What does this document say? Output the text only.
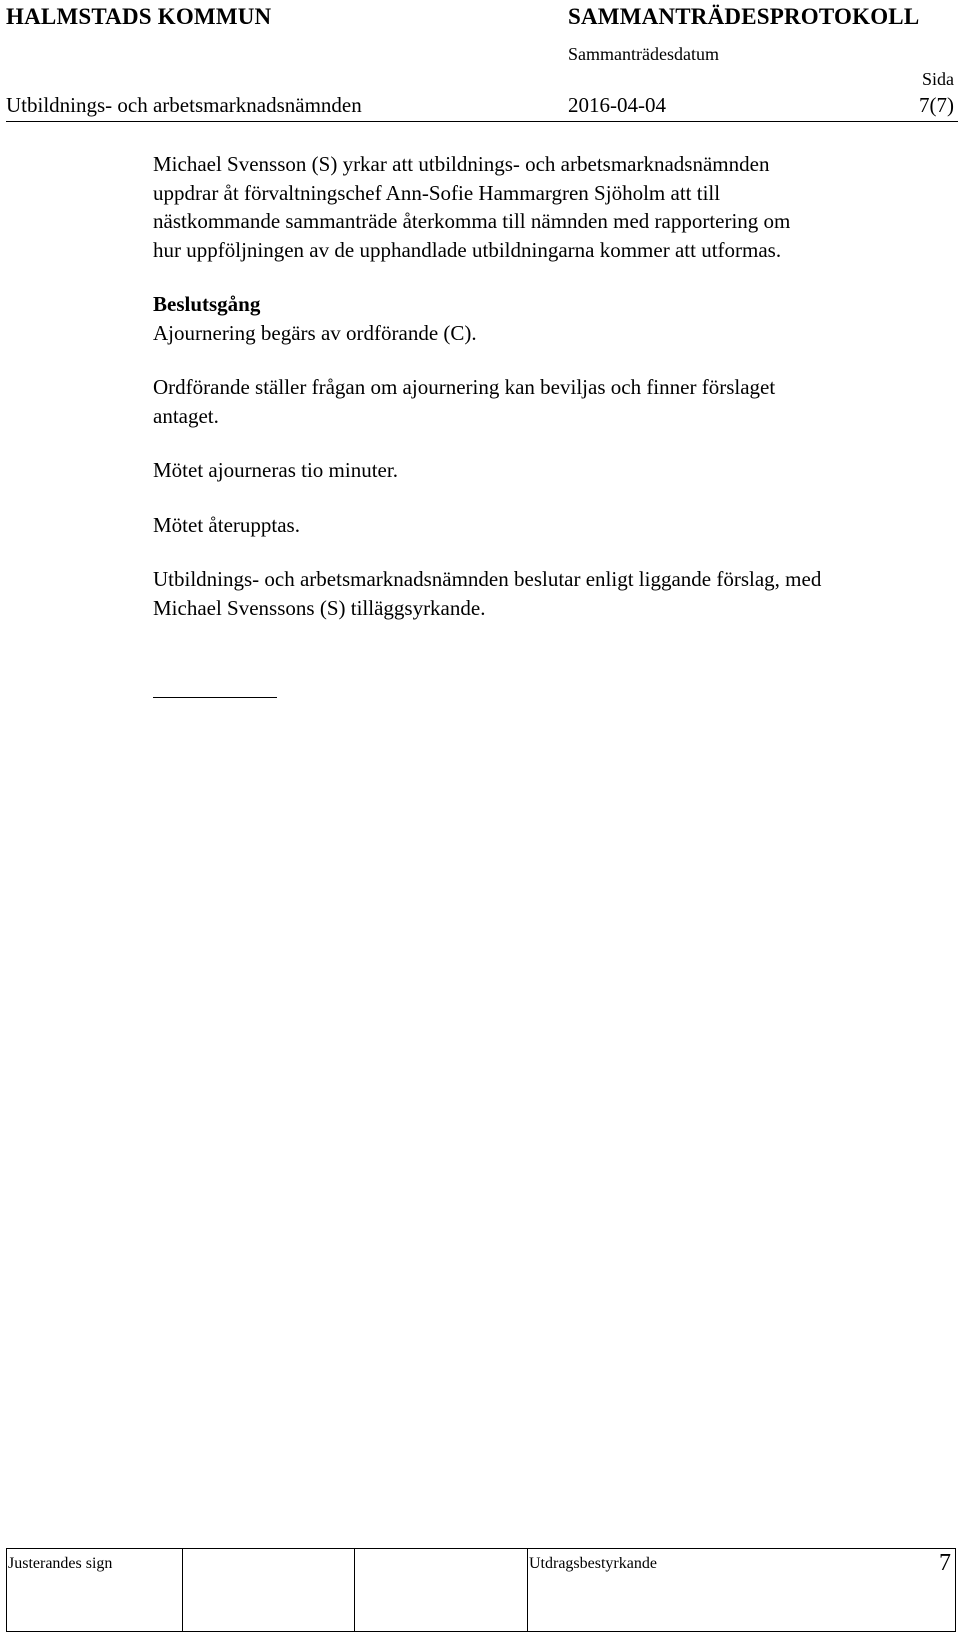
HALMSTADS KOMMUN	SAMMANTRÄDESPROTOKOLL
Sammanträdesdatum
Sida
Utbildnings- och arbetsmarknadsnämnden	2016-04-04	7(7)

Michael Svensson (S) yrkar att utbildnings- och arbetsmarknadsnämnden

uppdrar åt förvaltningschef Ann-Sofie Hammargren Sjöholm att till

nästkommande sammanträde återkomma till nämnden med rapportering om

hur uppföljningen av de upphandlade utbildningarna kommer att utformas.

Beslutsgång

Ajournering begärs av ordförande (C).

Ordförande ställer frågan om ajournering kan beviljas och finner förslaget

antaget.

Mötet ajourneras tio minuter.

Mötet återupptas.

Utbildnings- och arbetsmarknadsnämnden beslutar enligt liggande förslag, med

Michael Svenssons (S) tilläggsyrkande.

Justerandes sign	Utdragsbestyrkande	7
